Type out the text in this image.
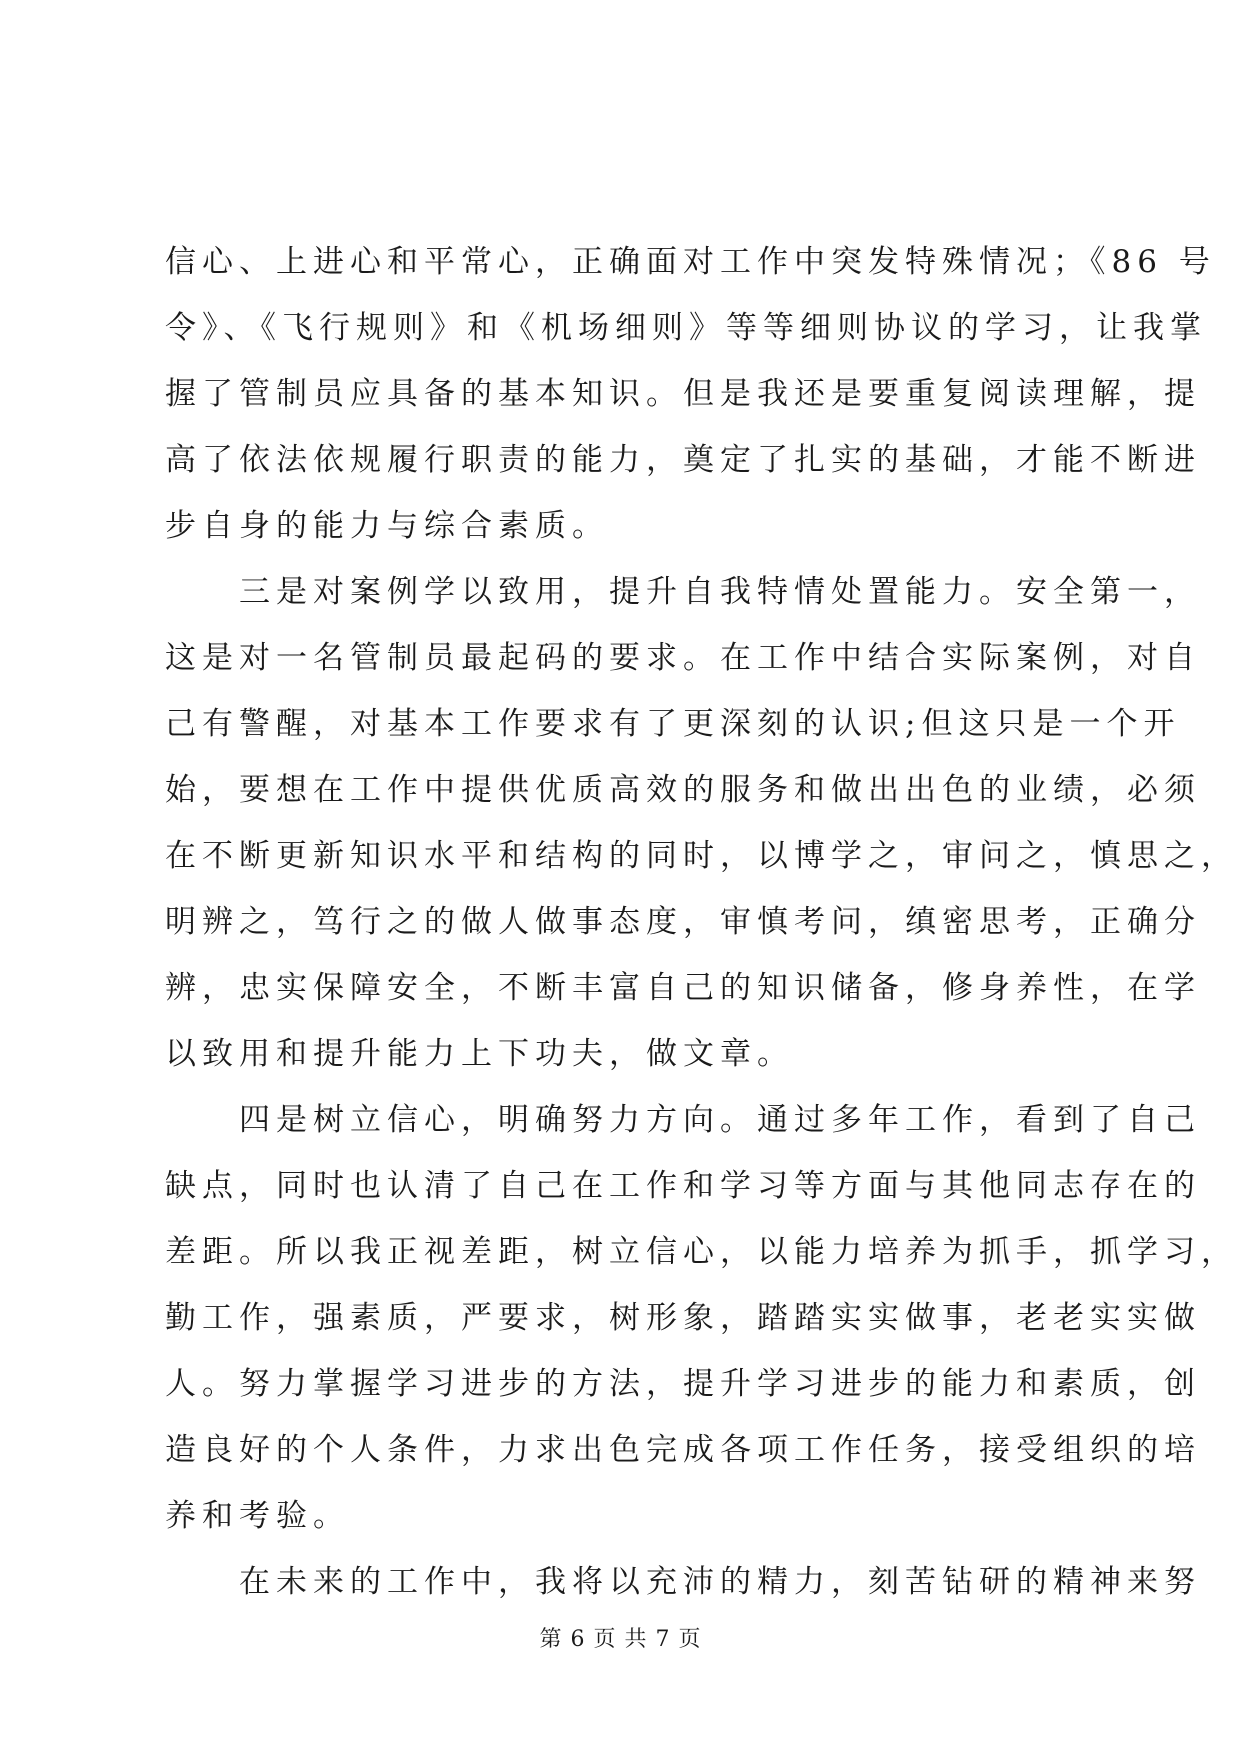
信心、上进心和平常心，正确面对工作中突发特殊情况；《86 号
令》、《飞行规则》和《机场细则》等等细则协议的学习，让我掌
握了管制员应具备的基本知识。但是我还是要重复阅读理解，提
高了依法依规履行职责的能力，奠定了扎实的基础，才能不断进
步自身的能力与综合素质。
三是对案例学以致用，提升自我特情处置能力。安全第一，
这是对一名管制员最起码的要求。在工作中结合实际案例，对自
己有警醒，对基本工作要求有了更深刻的认识;但这只是一个开
始，要想在工作中提供优质高效的服务和做出出色的业绩，必须
在不断更新知识水平和结构的同时，以博学之，审问之，慎思之，
明辨之，笃行之的做人做事态度，审慎考问，缜密思考，正确分
辨，忠实保障安全，不断丰富自己的知识储备，修身养性，在学
以致用和提升能力上下功夫，做文章。
四是树立信心，明确努力方向。通过多年工作，看到了自己
缺点，同时也认清了自己在工作和学习等方面与其他同志存在的
差距。所以我正视差距，树立信心，以能力培养为抓手，抓学习，
勤工作，强素质，严要求，树形象，踏踏实实做事，老老实实做
人。努力掌握学习进步的方法，提升学习进步的能力和素质，创
造良好的个人条件，力求出色完成各项工作任务，接受组织的培
养和考验。
在未来的工作中，我将以充沛的精力，刻苦钻研的精神来努
第 6 页 共 7 页
